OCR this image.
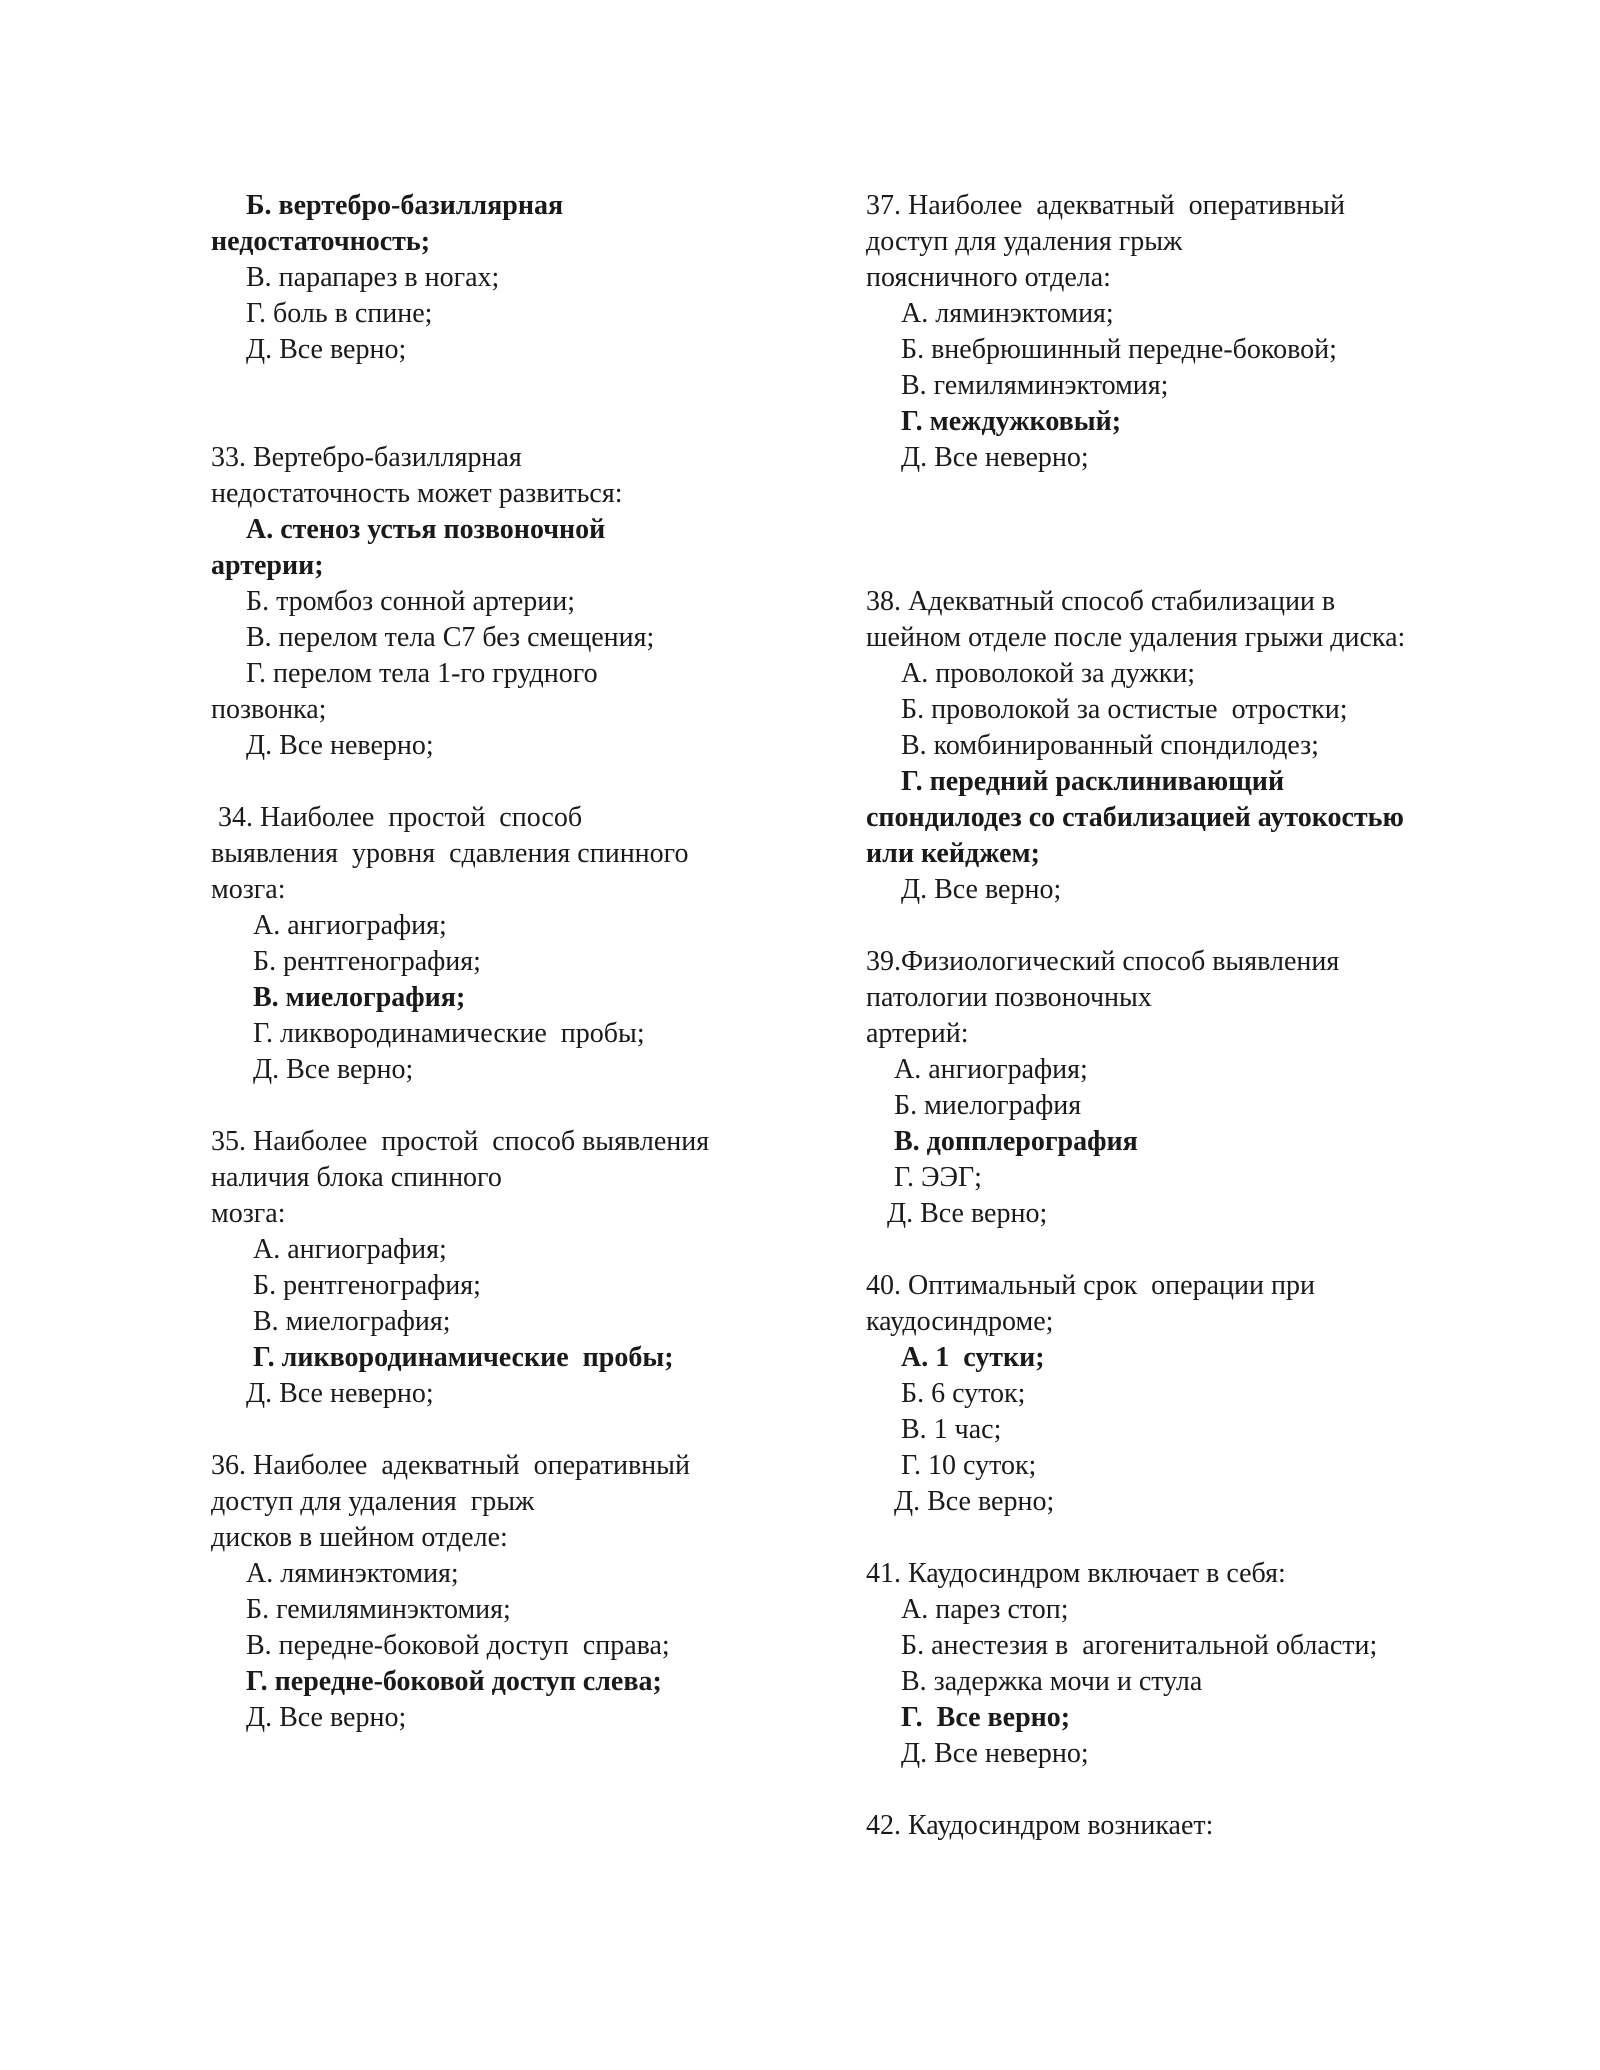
Б. вертебро-базиллярная
недостаточность;
В. парапарез в ногах;
Г. боль в спине;
Д. Все верно;
33. Вертебро-базиллярная
недостаточность может развиться:
А. стеноз устья позвоночной
артерии;
Б. тромбоз сонной артерии;
В. перелом тела С7 без смещения;
Г. перелом тела 1-го грудного
позвонка;
Д. Все неверно;
34. Наиболее  простой  способ
выявления  уровня  сдавления спинного
мозга:
А. ангиография;
Б. рентгенография;
В. миелография;
Г. ликвородинамические  пробы;
Д. Все верно;
35. Наиболее  простой  способ выявления
наличия блока спинного
мозга:
А. ангиография;
Б. рентгенография;
В. миелография;
Г. ликвородинамические  пробы;
Д. Все неверно;
36. Наиболее  адекватный  оперативный
доступ для удаления  грыж
дисков в шейном отделе:
А. ляминэктомия;
Б. гемиляминэктомия;
В. передне-боковой доступ  справа;
Г. передне-боковой доступ слева;
Д. Все верно;
37. Наиболее  адекватный  оперативный
доступ для удаления грыж
поясничного отдела:
А. ляминэктомия;
Б. внебрюшинный передне-боковой;
В. гемиляминэктомия;
Г. междужковый;
Д. Все неверно;
38. Адекватный способ стабилизации в
шейном отделе после удаления грыжи диска:
А. проволокой за дужки;
Б. проволокой за остистые  отростки;
В. комбинированный спондилодез;
Г. передний расклинивающий
спондилодез со стабилизацией аутокостью
или кейджем;
Д. Все верно;
39.Физиологический способ выявления
патологии позвоночных
артерий:
А. ангиография;
Б. миелография
В. допплерография
Г. ЭЭГ;
Д. Все верно;
40. Оптимальный срок  операции при
каудосиндроме;
А. 1  сутки;
Б. 6 суток;
В. 1 час;
Г. 10 суток;
Д. Все верно;
41. Каудосиндром включает в себя:
А. парез стоп;
Б. анестезия в  агогенитальной области;
В. задержка мочи и стула
Г.  Все верно;
Д. Все неверно;
42. Каудосиндром возникает:
